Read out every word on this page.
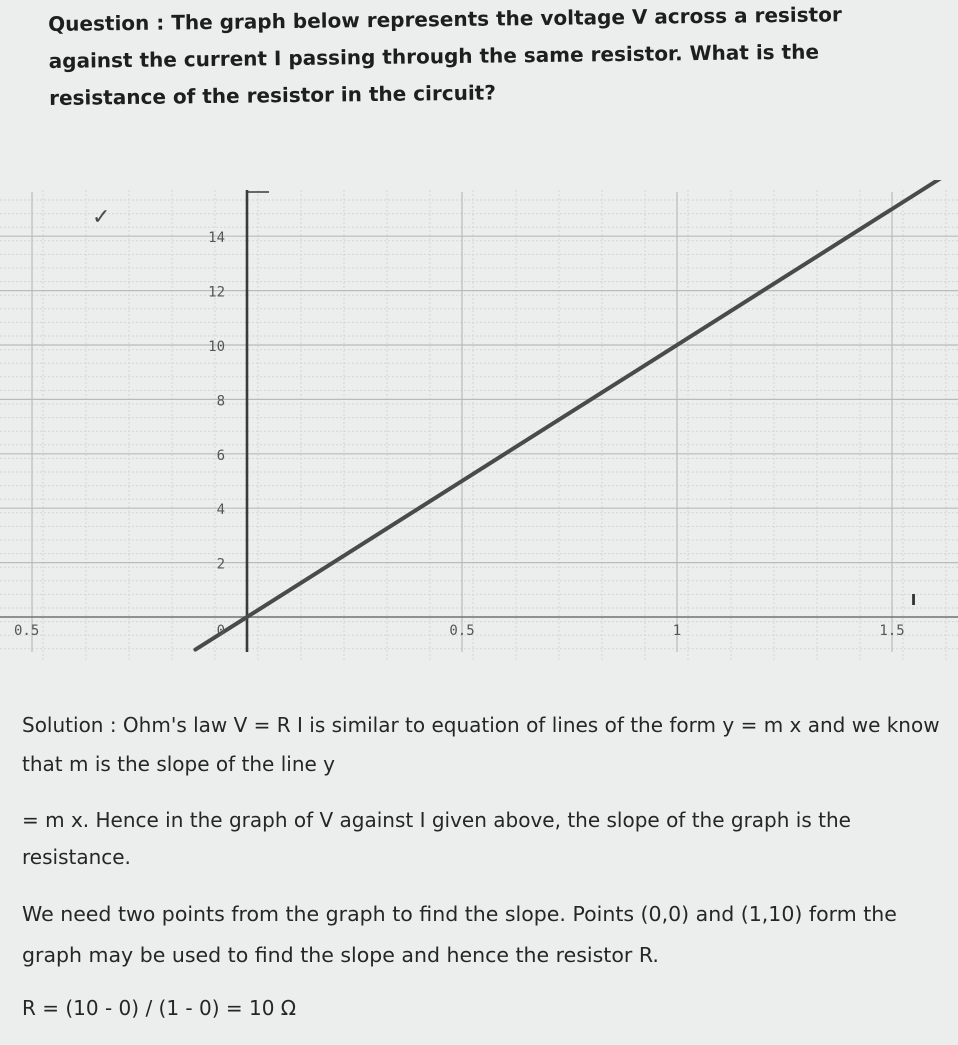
Question : The graph below represents the voltage V across a resistor against the current I passing through the same resistor. What is the resistance of the resistor in the circuit?

0
2
4
6
8
10
12
14
0.5	0.5	1	1.5
I
✓

Solution : Ohm's law V = R I is similar to equation of lines of the form y = m x and we know that m is the slope of the line y

= m x. Hence in the graph of V against I given above, the slope of the graph is the resistance.

We need two points from the graph to find the slope. Points (0,0) and (1,10) form the graph may be used to find the slope and hence the resistor R.

R = (10 - 0) / (1 - 0) = 10 Ω
